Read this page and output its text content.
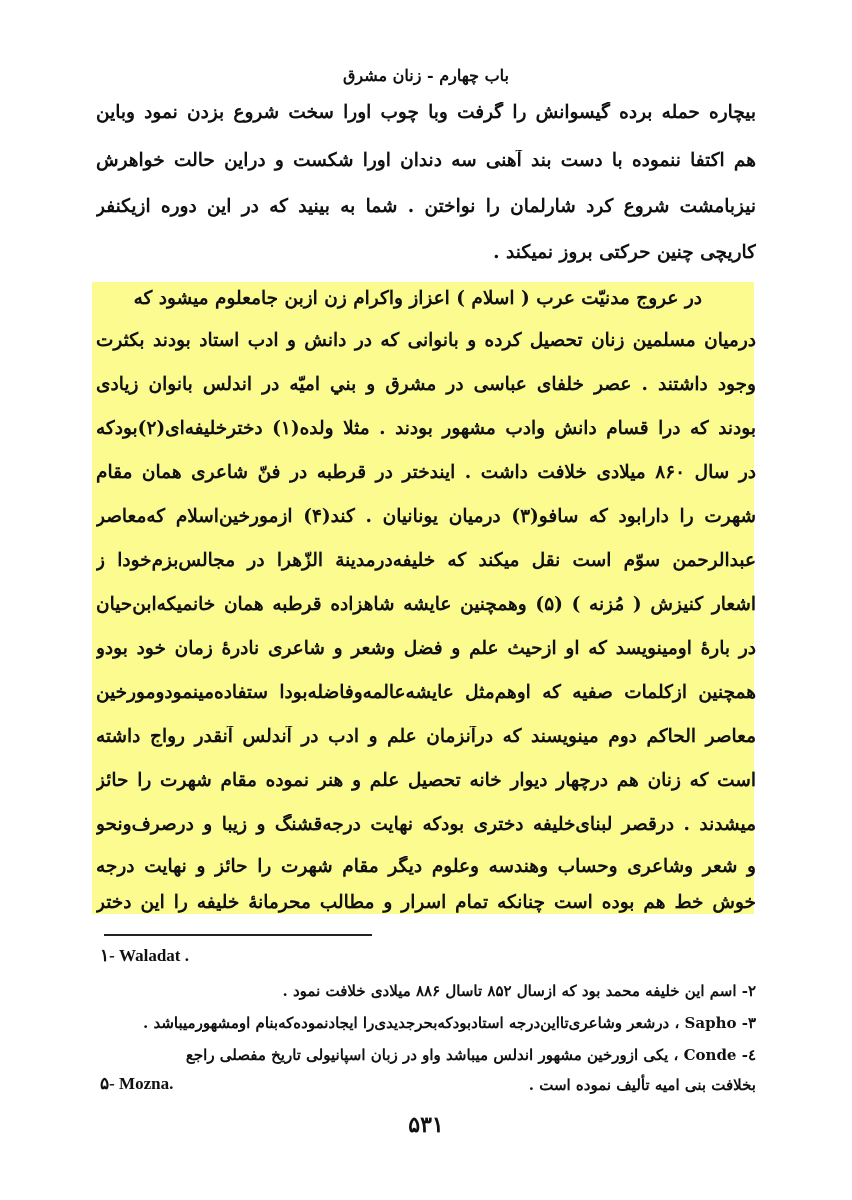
باب چهارم - زنان مشرق
بیچاره حمله برده گیسوانش را گرفت وبا چوب اورا سخت شروع بزدن نمود وباین
هم اکتفا ننموده با دست بند آهنی سه دندان اورا شکست و دراین حالت خواهرش
نیزبامشت شروع کرد شارلمان را نواختن . شما به بینید که در این دوره ازیکنفر
کاریچی چنین حرکتی بروز نمیکند .
در عروج مدنیّت عرب ( اسلام ) اعزاز واکرام زن ازبن جامعلوم میشود که
درمیان مسلمین زنان تحصیل کرده و بانوانی که در دانش و ادب استاد بودند بکثرت
وجود داشتند . عصر خلفای عباسی در مشرق و بني اميّه در اندلس بانوان زیادی
بودند که درا قسام دانش وادب مشهور بودند . مثلا ولده(۱) دخترخلیفه‌ای(۲)بودکه
در سال ۸۶۰ میلادی خلافت داشت . ایندختر در قرطبه در فنّ شاعری همان مقام
شهرت را دارابود که سافو(۳) درمیان یونانیان . کند(۴) ازمورخین‌اسلام که‌معاصر
عبدالرحمن سوّم است نقل میکند که خلیفه‌درمدینة الزّهرا در مجالس‌بزم‌خودا ز
اشعار کنیزش ( مُزنه ) (۵) وهمچنین عایشه شاهزاده قرطبه همان خانمیکه‌ابن‌حیان
در بارهٔ اومینویسد که او ازحیث علم و فضل وشعر و شاعری نادرهٔ زمان خود بودو
همچنین ازکلمات صفیه که اوهم‌مثل عایشه‌عالمه‌وفاضله‌بودا ستفاده‌مینمودومورخین
معاصر الحاکم دوم مینویسند که درآنزمان علم و ادب در آندلس آنقدر رواج داشته
است که زنان هم درچهار دیوار خانه تحصیل علم و هنر نموده مقام شهرت را حائز
میشدند . درقصر لبنای‌خلیفه دختری بودکه نهایت درجه‌قشنگ و زیبا و درصرف‌ونحو
و شعر وشاعری وحساب وهندسه وعلوم دیگر مقام شهرت را حائز و نهایت درجه
خوش خط هم بوده است چنانکه تمام اسرار و مطالب محرمانهٔ خلیفه را این دختر
۱- Waladat .
۲- اسم این خلیفه محمد بود که ازسال ۸۵۲ تاسال ۸۸۶ میلادی خلافت نمود .
۳- Sapho ، درشعر وشاعری‌تااین‌درجه استادبودکه‌بحرجدیدی‌را ایجادنموده‌که‌بنام اومشهورمیباشد .
٤- Conde ، یکی ازورخین مشهور اندلس میباشد واو در زبان اسپانیولی تاریخ مفصلی راجع
بخلافت بنی امیه تألیف نموده است .
۵- Mozna.
۵۳۱
